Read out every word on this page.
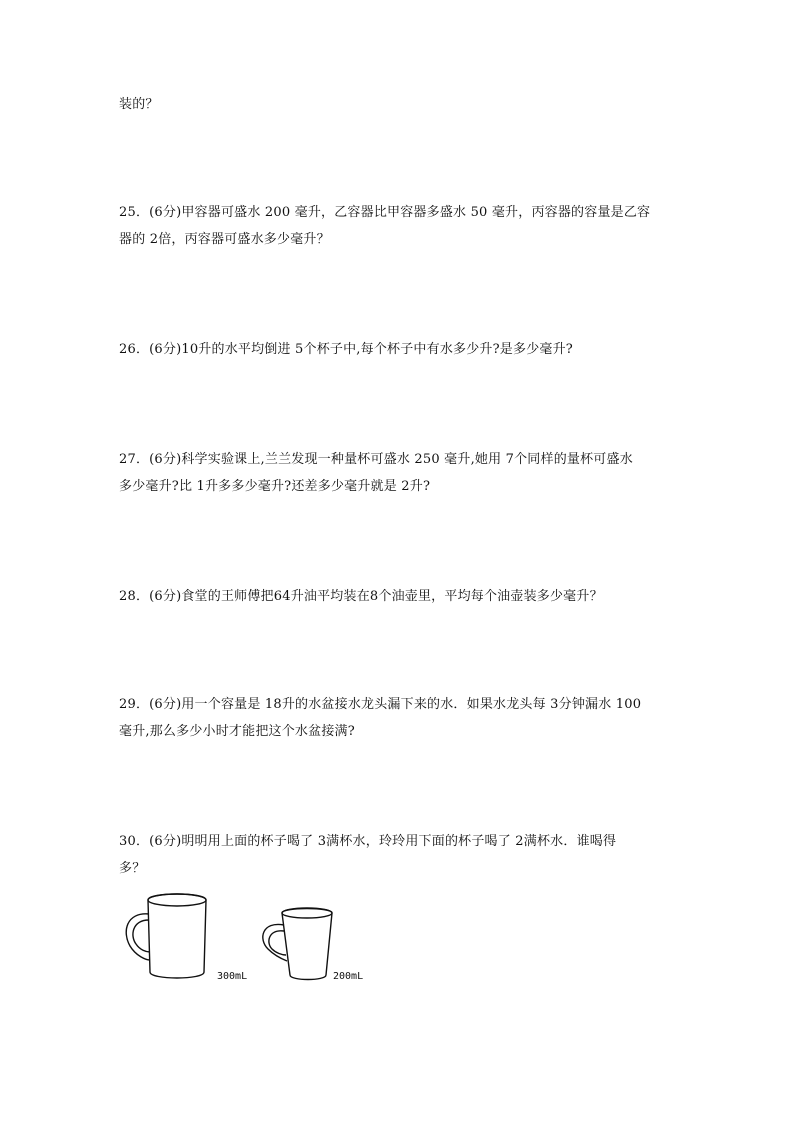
装的？
25．(6分)甲容器可盛水 200 毫升，乙容器比甲容器多盛水 50 毫升，丙容器的容量是乙容
器的 2倍，丙容器可盛水多少毫升？
26．(6分)10升的水平均倒进 5个杯子中,每个杯子中有水多少升?是多少毫升?
27．(6分)科学实验课上,兰兰发现一种量杯可盛水 250 毫升,她用 7个同样的量杯可盛水
多少毫升?比 1升多多少毫升?还差多少毫升就是 2升?
28．(6分)食堂的王师傅把64升油平均装在8个油壶里，平均每个油壶装多少毫升？
29．(6分)用一个容量是 18升的水盆接水龙头漏下来的水．如果水龙头每 3分钟漏水 100
毫升,那么多少小时才能把这个水盆接满?
30．(6分)明明用上面的杯子喝了 3满杯水，玲玲用下面的杯子喝了 2满杯水．谁喝得
多？
300mL	200mL
